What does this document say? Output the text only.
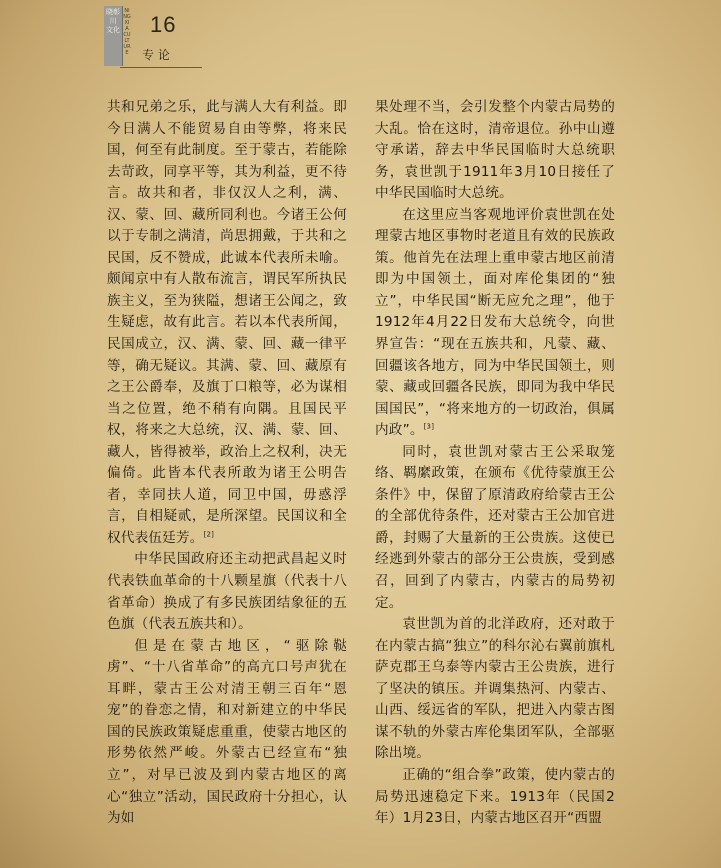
晓彰川 文化
NINGXIA CULTURE
16
专 论

共和兄弟之乐，此与满人大有利益。即今日满人不能贸易自由等弊，将来民国，何至有此制度。至于蒙古，若能除去苛政，同享平等，其为利益，更不待言。故共和者，非仅汉人之利，满、汉、蒙、回、藏所同利也。今诸王公何以于专制之满清，尚思拥戴，于共和之民国，反不赞成，此诚本代表所未喻。颇闻京中有人散布流言，谓民军所执民族主义，至为狭隘，想诸王公闻之，致生疑虑，故有此言。若以本代表所闻，民国成立，汉、满、蒙、回、藏一律平等，确无疑议。其满、蒙、回、藏原有之王公爵奉，及旗丁口粮等，必为谋相当之位置，绝不稍有向隅。且国民平权，将来之大总统，汉、满、蒙、回、藏人，皆得被举，政治上之权利，决无偏倚。此皆本代表所敢为诸王公明告者，幸同扶人道，同卫中国，毋惑浮言，自相疑贰，是所深望。民国议和全权代表伍廷芳。[2]

中华民国政府还主动把武昌起义时代表铁血革命的十八颗星旗（代表十八省革命）换成了有多民族团结象征的五色旗（代表五族共和）。

但是在蒙古地区，“驱除鞑虏”、“十八省革命”的高亢口号声犹在耳畔，蒙古王公对清王朝三百年“恩宠”的眷恋之情，和对新建立的中华民国的民族政策疑虑重重，使蒙古地区的形势依然严峻。外蒙古已经宣布“独立”，对早已波及到内蒙古地区的离心“独立”活动，国民政府十分担心，认为如

果处理不当，会引发整个内蒙古局势的大乱。恰在这时，清帝退位。孙中山遵守承诺，辞去中华民国临时大总统职务，袁世凯于1911年3月10日接任了中华民国临时大总统。

在这里应当客观地评价袁世凯在处理蒙古地区事物时老道且有效的民族政策。他首先在法理上重申蒙古地区前清即为中国领土，面对库伦集团的“独立”，中华民国“断无应允之理”，他于1912年4月22日发布大总统令，向世界宣告：“现在五族共和，凡蒙、藏、回疆该各地方，同为中华民国领土，则蒙、藏或回疆各民族，即同为我中华民国国民”，“将来地方的一切政治，俱属内政”。[3]

同时，袁世凯对蒙古王公采取笼络、羁縻政策，在颁布《优待蒙旗王公条件》中，保留了原清政府给蒙古王公的全部优待条件，还对蒙古王公加官进爵，封赐了大量新的王公贵族。这使已经逃到外蒙古的部分王公贵族，受到感召，回到了内蒙古，内蒙古的局势初定。

袁世凯为首的北洋政府，还对敢于在内蒙古搞“独立”的科尔沁右翼前旗札萨克郡王乌泰等内蒙古王公贵族，进行了坚决的镇压。并调集热河、内蒙古、山西、绥远省的军队，把进入内蒙古图谋不轨的外蒙古库伦集团军队，全部驱除出境。

正确的“组合拳”政策，使内蒙古的局势迅速稳定下来。1913年（民国2年）1月23日，内蒙古地区召开“西盟
